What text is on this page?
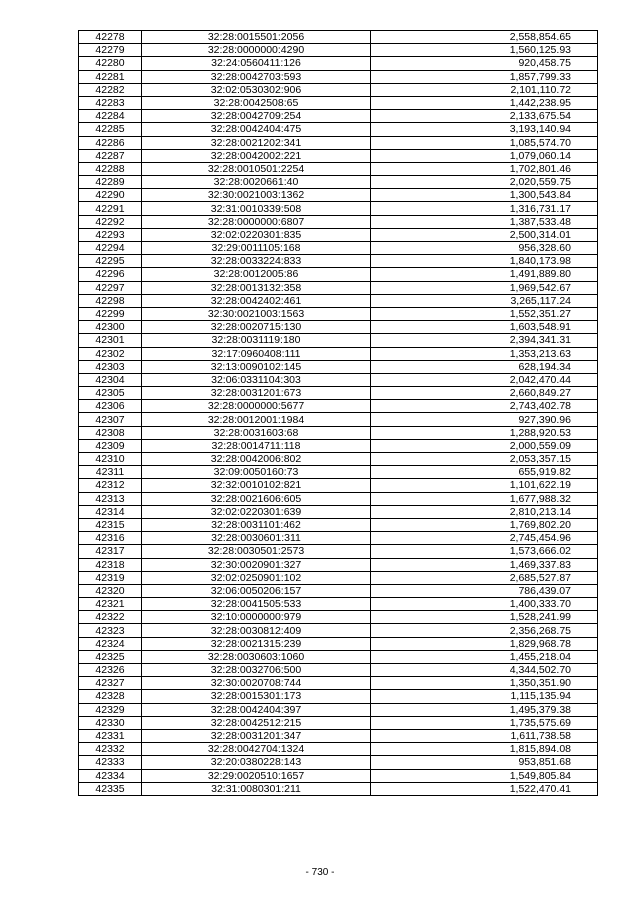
42278	32:28:0015501:2056	2,558,854.65
42279	32:28:0000000:4290	1,560,125.93
42280	32:24:0560411:126	920,458.75
42281	32:28:0042703:593	1,857,799.33
42282	32:02:0530302:906	2,101,110.72
42283	32:28:0042508:65	1,442,238.95
42284	32:28:0042709:254	2,133,675.54
42285	32:28:0042404:475	3,193,140.94
42286	32:28:0021202:341	1,085,574.70
42287	32:28:0042002:221	1,079,060.14
42288	32:28:0010501:2254	1,702,801.46
42289	32:28:0020661:40	2,020,559.75
42290	32:30:0021003:1362	1,300,543.84
42291	32:31:0010339:508	1,316,731.17
42292	32:28:0000000:6807	1,387,533.48
42293	32:02:0220301:835	2,500,314.01
42294	32:29:0011105:168	956,328.60
42295	32:28:0033224:833	1,840,173.98
42296	32:28:0012005:86	1,491,889.80
42297	32:28:0013132:358	1,969,542.67
42298	32:28:0042402:461	3,265,117.24
42299	32:30:0021003:1563	1,552,351.27
42300	32:28:0020715:130	1,603,548.91
42301	32:28:0031119:180	2,394,341.31
42302	32:17:0960408:111	1,353,213.63
42303	32:13:0090102:145	628,194.34
42304	32:06:0331104:303	2,042,470.44
42305	32:28:0031201:673	2,660,849.27
42306	32:28:0000000:5677	2,743,402.78
42307	32:28:0012001:1984	927,390.96
42308	32:28:0031603:68	1,288,920.53
42309	32:28:0014711:118	2,000,559.09
42310	32:28:0042006:802	2,053,357.15
42311	32:09:0050160:73	655,919.82
42312	32:32:0010102:821	1,101,622.19
42313	32:28:0021606:605	1,677,988.32
42314	32:02:0220301:639	2,810,213.14
42315	32:28:0031101:462	1,769,802.20
42316	32:28:0030601:311	2,745,454.96
42317	32:28:0030501:2573	1,573,666.02
42318	32:30:0020901:327	1,469,337.83
42319	32:02:0250901:102	2,685,527.87
42320	32:06:0050206:157	786,439.07
42321	32:28:0041505:533	1,400,333.70
42322	32:10:0000000:979	1,528,241.99
42323	32:28:0030812:409	2,356,268.75
42324	32:28:0021315:239	1,829,968.78
42325	32:28:0030603:1060	1,455,218.04
42326	32:28:0032706:500	4,344,502.70
42327	32:30:0020708:744	1,350,351.90
42328	32:28:0015301:173	1,115,135.94
42329	32:28:0042404:397	1,495,379.38
42330	32:28:0042512:215	1,735,575.69
42331	32:28:0031201:347	1,611,738.58
42332	32:28:0042704:1324	1,815,894.08
42333	32:20:0380228:143	953,851.68
42334	32:29:0020510:1657	1,549,805.84
42335	32:31:0080301:211	1,522,470.41
- 730 -
